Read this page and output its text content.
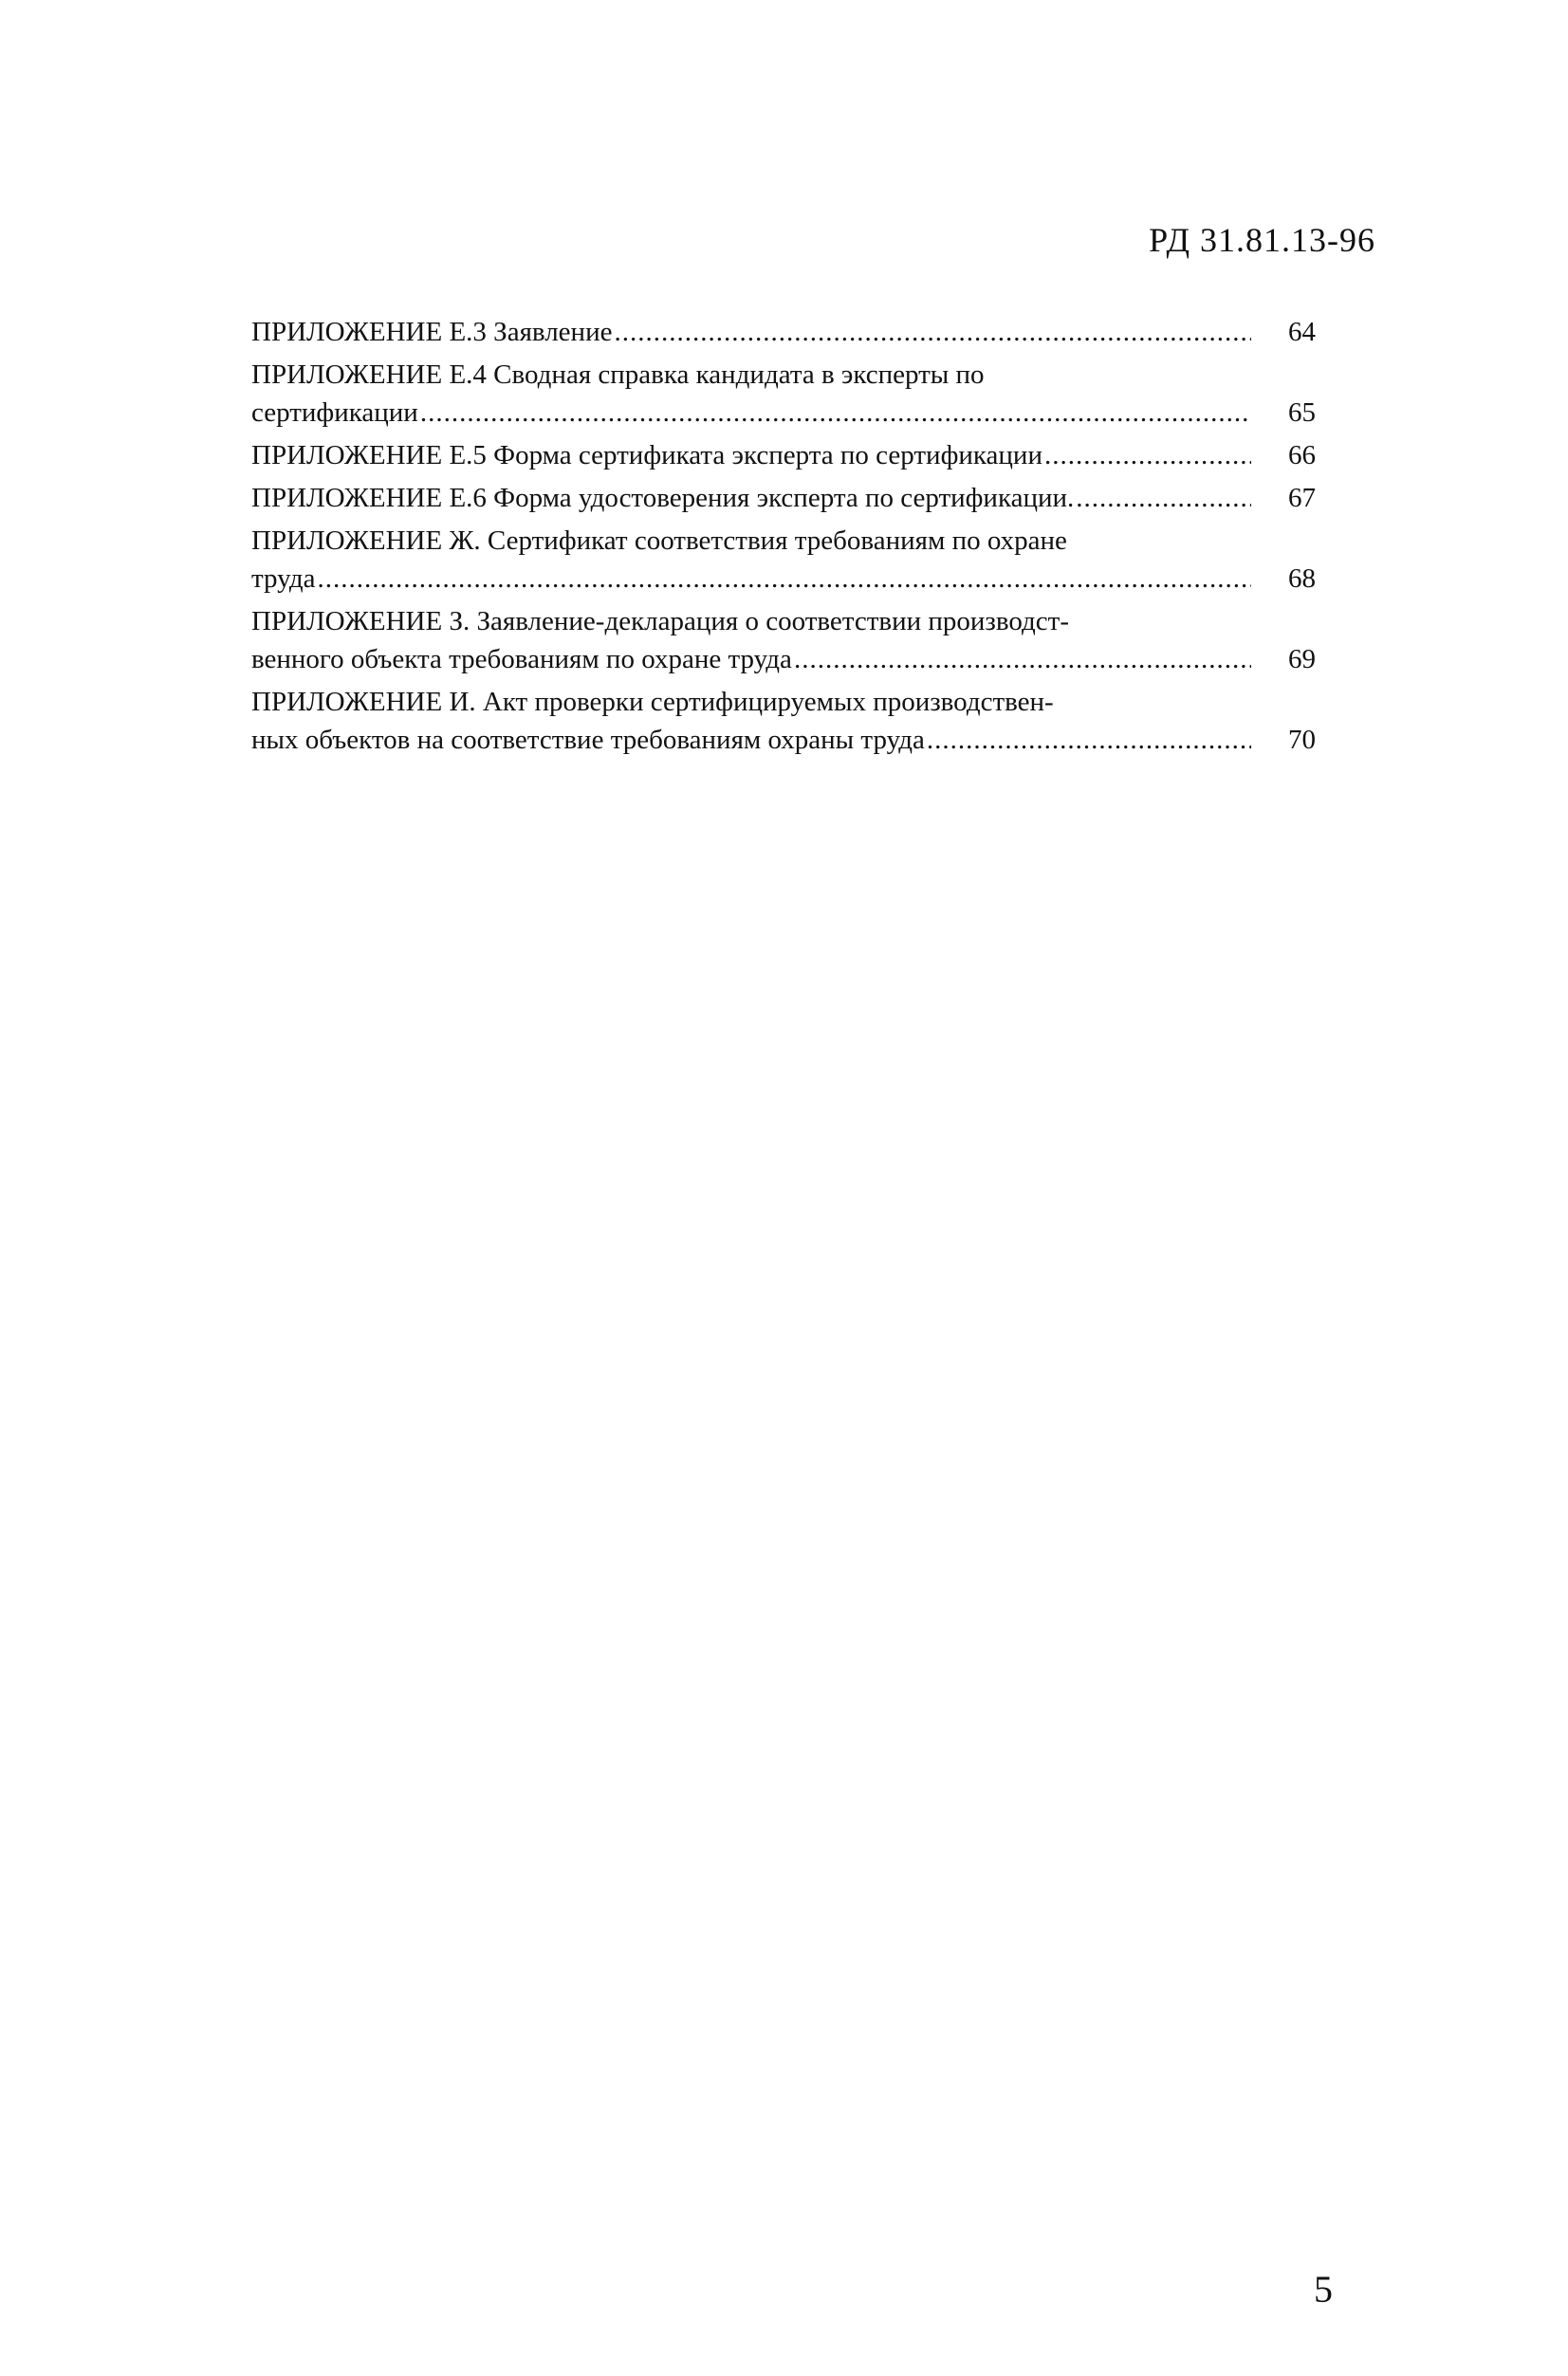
РД 31.81.13-96
ПРИЛОЖЕНИЕ Е.3 Заявление .....	64
ПРИЛОЖЕНИЕ Е.4 Сводная справка кандидата в эксперты по
сертификации .....	65
ПРИЛОЖЕНИЕ Е.5 Форма сертификата эксперта по сертификации .....	66
ПРИЛОЖЕНИЕ Е.6 Форма удостоверения эксперта по сертификации. .....	67
ПРИЛОЖЕНИЕ Ж. Сертификат соответствия требованиям по охране
труда .....	68
ПРИЛОЖЕНИЕ З. Заявление-декларация о соответствии производст-
венного объекта требованиям по охране труда .....	69
ПРИЛОЖЕНИЕ И. Акт проверки сертифицируемых производствен-
ных объектов на соответствие требованиям охраны труда .....	70
5
